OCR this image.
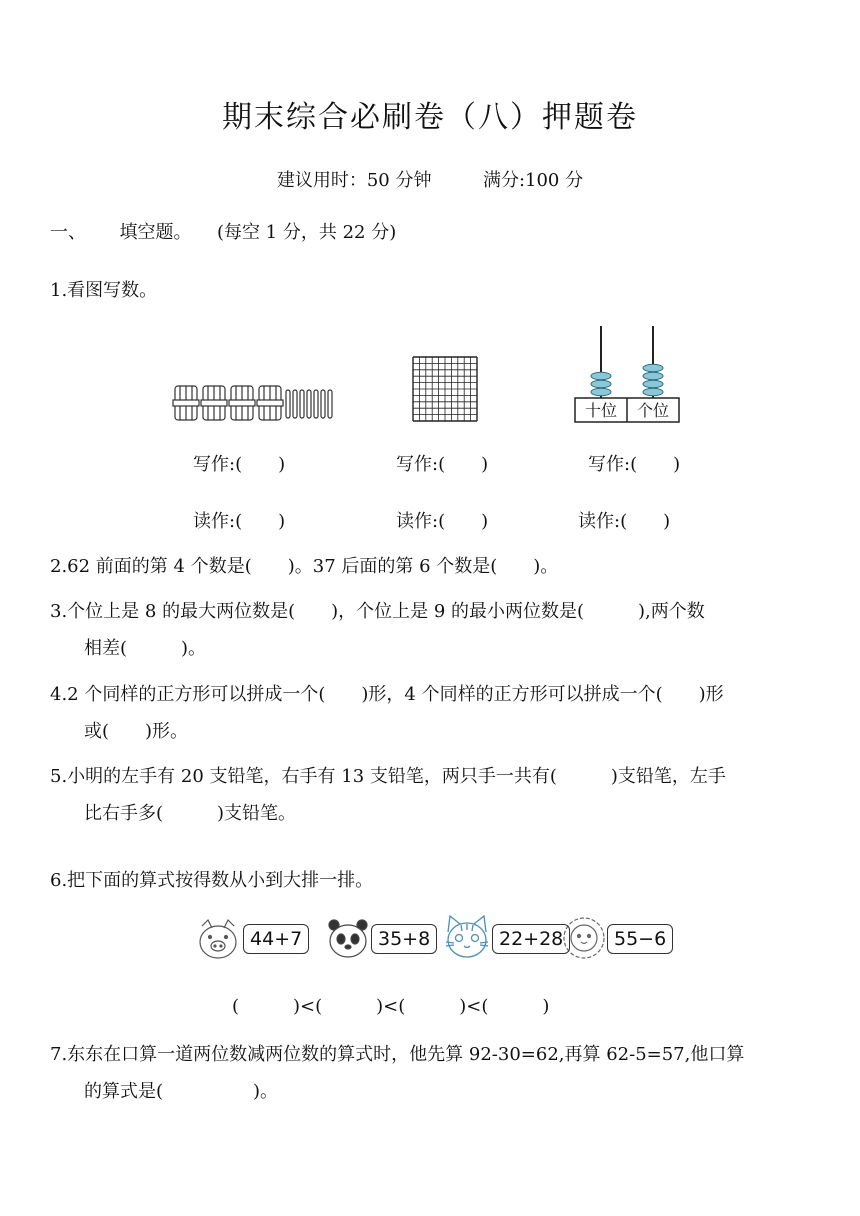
期末综合必刷卷（八）押题卷
建议用时：50 分钟	满分:100 分
一、 填空题。 (每空 1 分，共 22 分)
1.看图写数。
十位 个位
写作:(　　)	写作:(　　)	写作:(　　)
读作:(　　)	读作:(　　)	读作:(　　)
2.62 前面的第 4 个数是(　　)。37 后面的第 6 个数是(　　)。
3.个位上是 8 的最大两位数是(　　)，个位上是 9 的最小两位数是(　　　),两个数
相差(　　　)。
4.2 个同样的正方形可以拼成一个(　　)形，4 个同样的正方形可以拼成一个(　　)形
或(　　)形。
5.小明的左手有 20 支铅笔，右手有 13 支铅笔，两只手一共有(　　　)支铅笔，左手
比右手多(　　　)支铅笔。
6.把下面的算式按得数从小到大排一排。
44+7	35+8	22+28	55−6
(　　　)<(　　　)<(　　　)<(　　　)
7.东东在口算一道两位数减两位数的算式时，他先算 92-30=62,再算 62-5=57,他口算
的算式是(　　　　　)。
